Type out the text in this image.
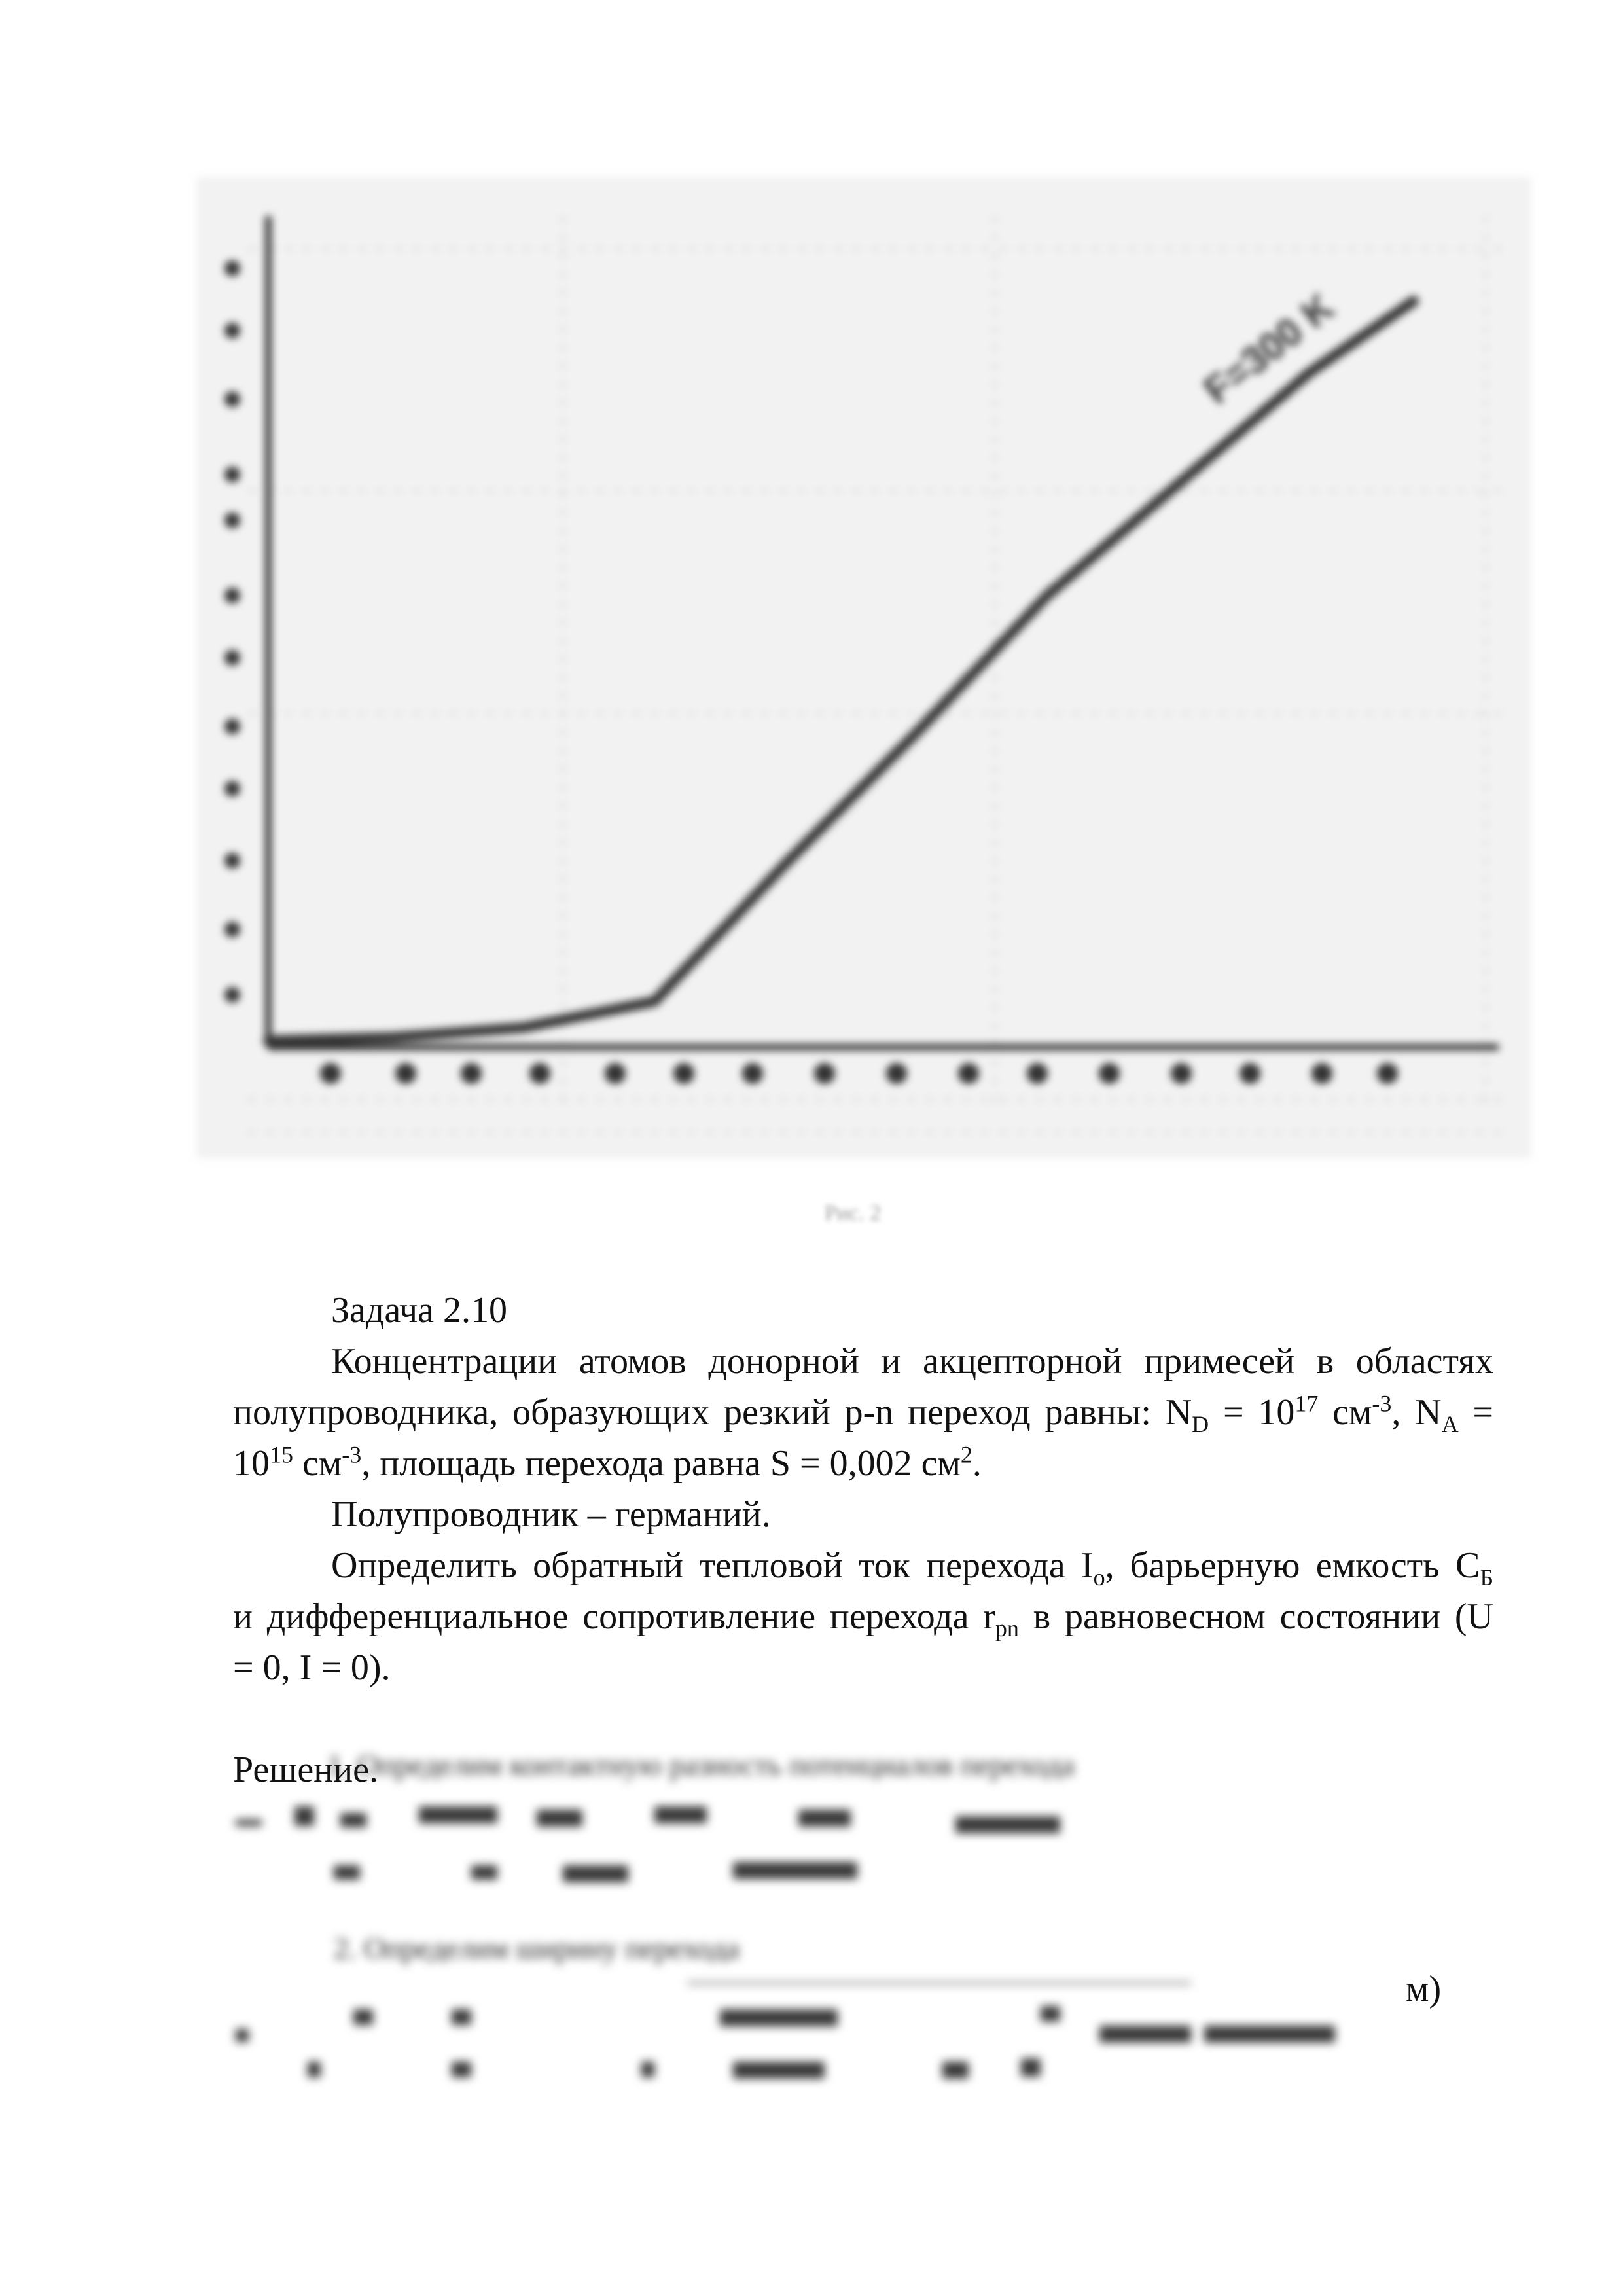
F=300 K
Рис. 2
Задача 2.10
Концентрации атомов донорной и акцепторной примесей в областях
полупроводника, образующих резкий p-n переход равны: $N_D = 10^{17}$ $см^{-3}$, $N_A$ =
$10^{15}$ $см^{-3}$, площадь перехода равна S = 0,002 $см^2$.
Полупроводник – германий.
Определить обратный тепловой ток перехода $I_o$, барьерную емкость $C_Б$
и дифференциальное сопротивление перехода $r_{pn}$ в равновесном состоянии (U
= 0, I = 0).
Решение.
1. Определим контактную разность потенциалов перехода
2. Определим ширину перехода
м)
